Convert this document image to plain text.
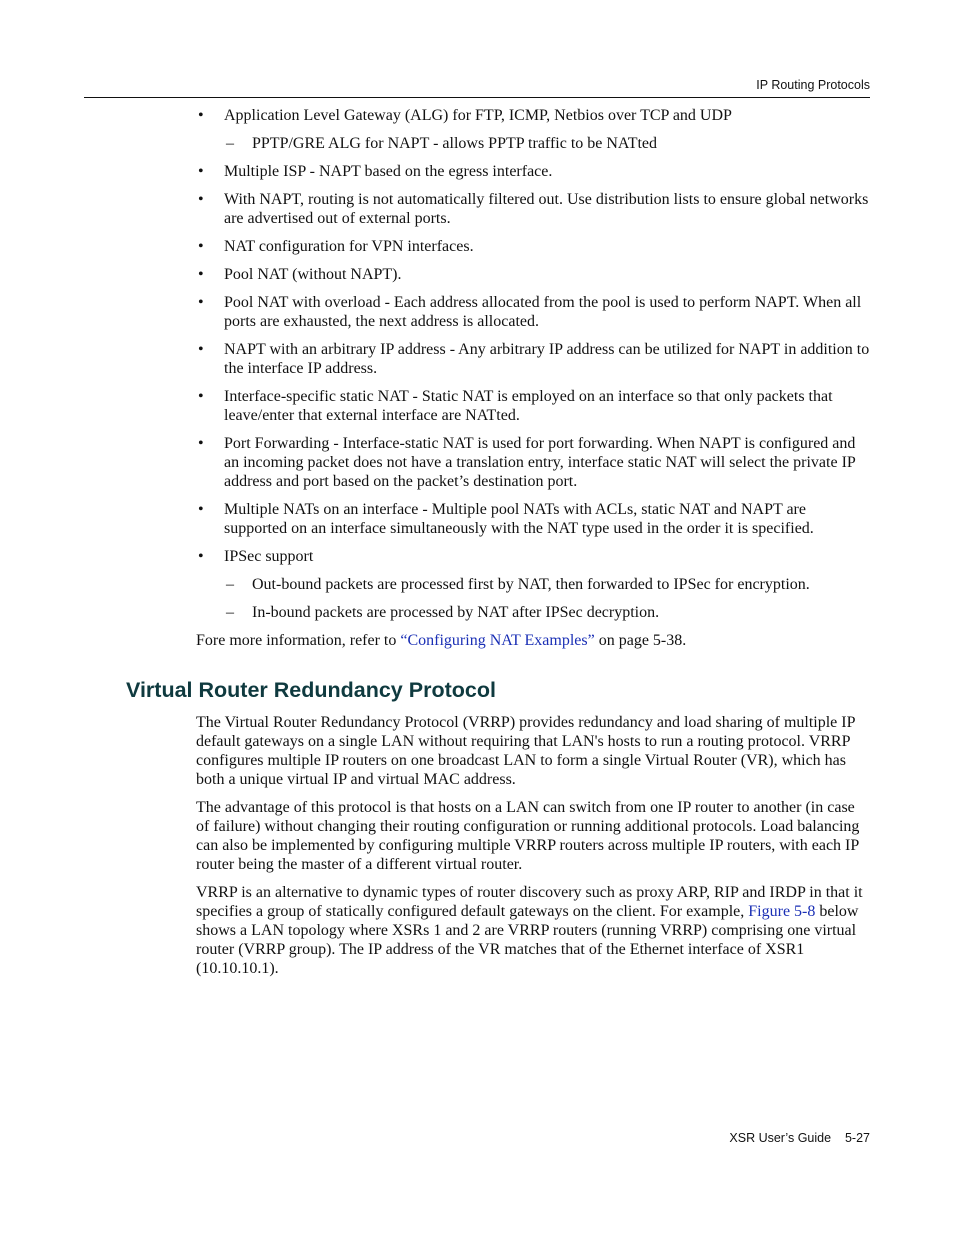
IP Routing Protocols
• Application Level Gateway (ALG) for FTP, ICMP, Netbios over TCP and UDP
– PPTP/GRE ALG for NAPT - allows PPTP traffic to be NATted
• Multiple ISP - NAPT based on the egress interface.
• With NAPT, routing is not automatically filtered out. Use distribution lists to ensure global networks are advertised out of external ports.
• NAT configuration for VPN interfaces.
• Pool NAT (without NAPT).
• Pool NAT with overload - Each address allocated from the pool is used to perform NAPT. When all ports are exhausted, the next address is allocated.
• NAPT with an arbitrary IP address - Any arbitrary IP address can be utilized for NAPT in addition to the interface IP address.
• Interface-specific static NAT - Static NAT is employed on an interface so that only packets that leave/enter that external interface are NATted.
• Port Forwarding - Interface-static NAT is used for port forwarding. When NAPT is configured and an incoming packet does not have a translation entry, interface static NAT will select the private IP address and port based on the packet’s destination port.
• Multiple NATs on an interface - Multiple pool NATs with ACLs, static NAT and NAPT are supported on an interface simultaneously with the NAT type used in the order it is specified.
• IPSec support
– Out-bound packets are processed first by NAT, then forwarded to IPSec for encryption.
– In-bound packets are processed by NAT after IPSec decryption.

Fore more information, refer to “Configuring NAT Examples” on page 5-38.

Virtual Router Redundancy Protocol

The Virtual Router Redundancy Protocol (VRRP) provides redundancy and load sharing of multiple IP default gateways on a single LAN without requiring that LAN's hosts to run a routing protocol. VRRP configures multiple IP routers on one broadcast LAN to form a single Virtual Router (VR), which has both a unique virtual IP and virtual MAC address.

The advantage of this protocol is that hosts on a LAN can switch from one IP router to another (in case of failure) without changing their routing configuration or running additional protocols. Load balancing can also be implemented by configuring multiple VRRP routers across multiple IP routers, with each IP router being the master of a different virtual router.

VRRP is an alternative to dynamic types of router discovery such as proxy ARP, RIP and IRDP in that it specifies a group of statically configured default gateways on the client. For example, Figure 5-8 below shows a LAN topology where XSRs 1 and 2 are VRRP routers (running VRRP) comprising one virtual router (VRRP group). The IP address of the VR matches that of the Ethernet interface of XSR1 (10.10.10.1).

XSR User’s Guide 5-27
